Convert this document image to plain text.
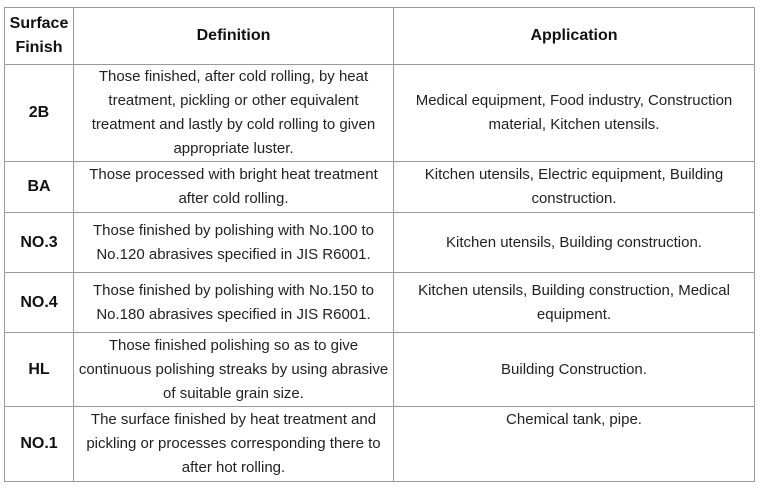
Surface Finish	Definition	Application
2B	Those finished, after cold rolling, by heat treatment, pickling or other equivalent treatment and lastly by cold rolling to given appropriate luster.	Medical equipment, Food industry, Construction material, Kitchen utensils.
BA	Those processed with bright heat treatment after cold rolling.	Kitchen utensils, Electric equipment, Building construction.
NO.3	Those finished by polishing with No.100 to No.120 abrasives specified in JIS R6001.	Kitchen utensils, Building construction.
NO.4	Those finished by polishing with No.150 to No.180 abrasives specified in JIS R6001.	Kitchen utensils, Building construction, Medical equipment.
HL	Those finished polishing so as to give continuous polishing streaks by using abrasive of suitable grain size.	Building Construction.
NO.1	The surface finished by heat treatment and pickling or processes corresponding there to after hot rolling.	Chemical tank, pipe.
